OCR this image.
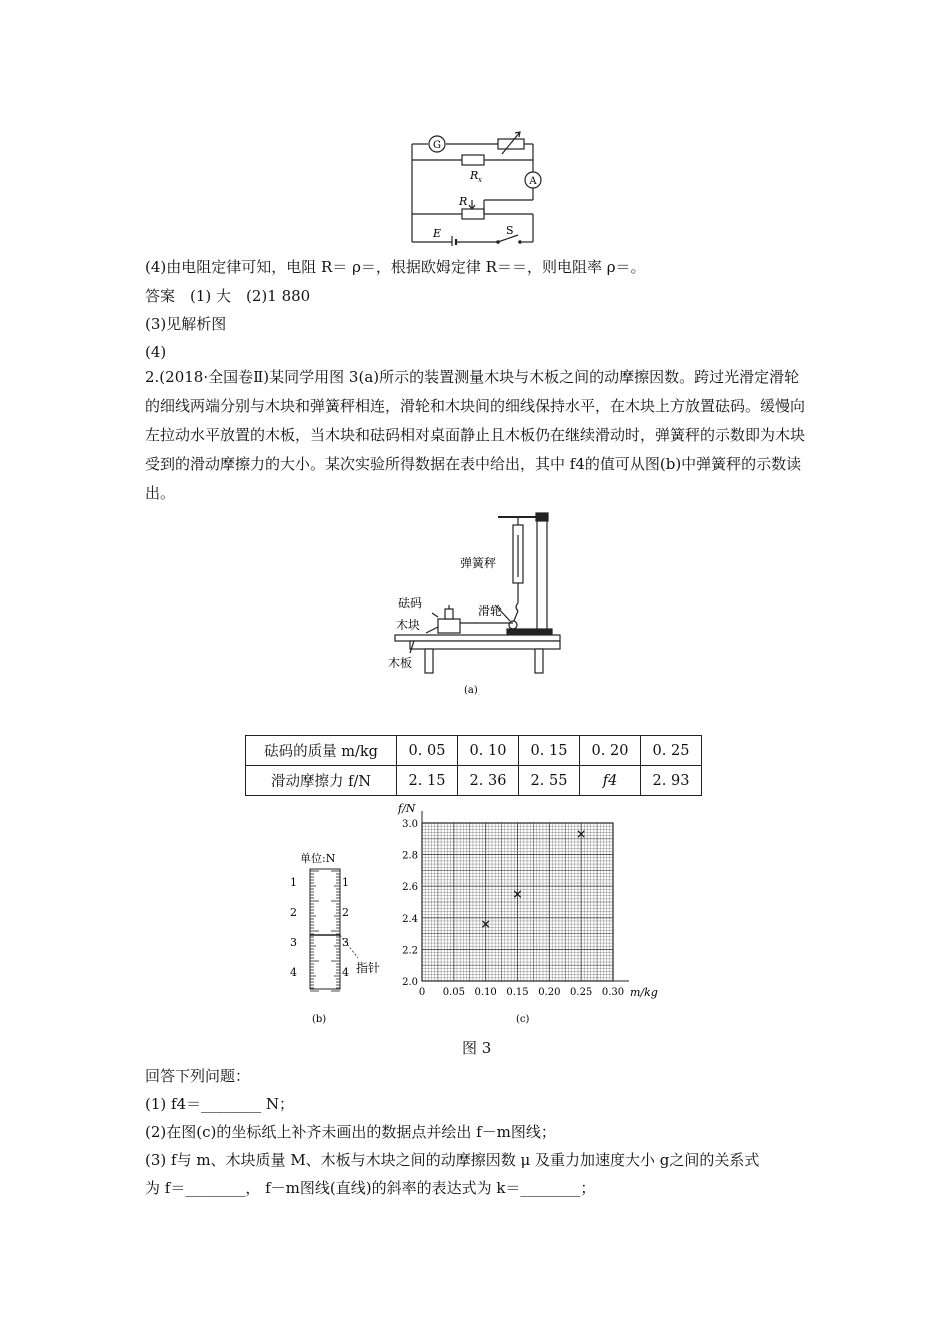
G
A
R x
R
E	S
(4)由电阻定律可知，电阻 R＝ ρ＝，根据欧姆定律 R＝＝，则电阻率 ρ＝。
答案　(1) 大　(2)1 880
(3)见解析图
(4)
2.(2018·全国卷Ⅱ)某同学用图 3(a)所示的装置测量木块与木板之间的动摩擦因数。跨过光滑定滑轮的细线两端分别与木块和弹簧秤相连，滑轮和木块间的细线保持水平，在木块上方放置砝码。缓慢向左拉动水平放置的木板，当木块和砝码相对桌面静止且木板仍在继续滑动时，弹簧秤的示数即为木块受到的滑动摩擦力的大小。某次实验所得数据在表中给出，其中 f4的值可从图(b)中弹簧秤的示数读出。
弹簧秤
砝码
木块
滑轮
木板
(a)
砝码的质量 m/kg	0. 05	0. 10	0. 15	0. 20	0. 25
滑动摩擦力 f/N	2. 15	2. 36	2. 55	f4	2. 93
单位:N
1
2
3
4
1
2
3
4 指针
(b)
0 0.05 0.10 0.15 0.20 0.25 0.30
2.0
2.2
2.4
2.6
2.8
3.0
f/N
m/kg
(c)
图 3
回答下列问题：
(1) f4＝________ N；
(2)在图(c)的坐标纸上补齐未画出的数据点并绘出 f－m图线；
(3) f与 m、木块质量 M、木板与木块之间的动摩擦因数 μ 及重力加速度大小 g之间的关系式
为 f＝________， f－m图线(直线)的斜率的表达式为 k＝________；
